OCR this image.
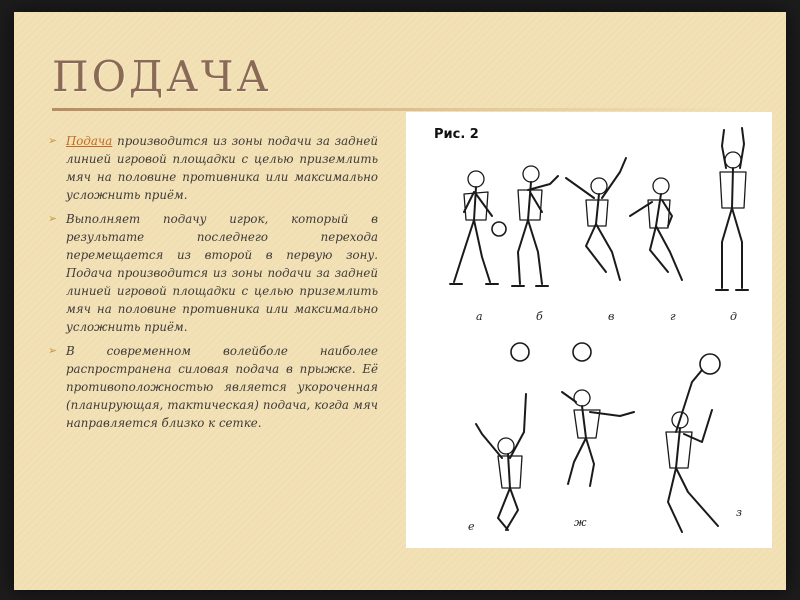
ПОДАЧА

➢ Подача производится из зоны подачи за задней линией игровой площадки с целью приземлить мяч на половине противника или максимально усложнить приём.

➢ Выполняет подачу игрок, который в результате последнего перехода перемещается из второй в первую зону. Подача производится из зоны подачи за задней линией игровой площадки с целью приземлить мяч на половине противника или максимально усложнить приём.

➢ В современном волейболе наиболее распространена силовая подача в прыжке. Её противоположностью является укороченная (планирующая, тактическая) подача, когда мяч направляется близко к сетке.

Рис. 2
а	б	в	г	д
е	ж
з
